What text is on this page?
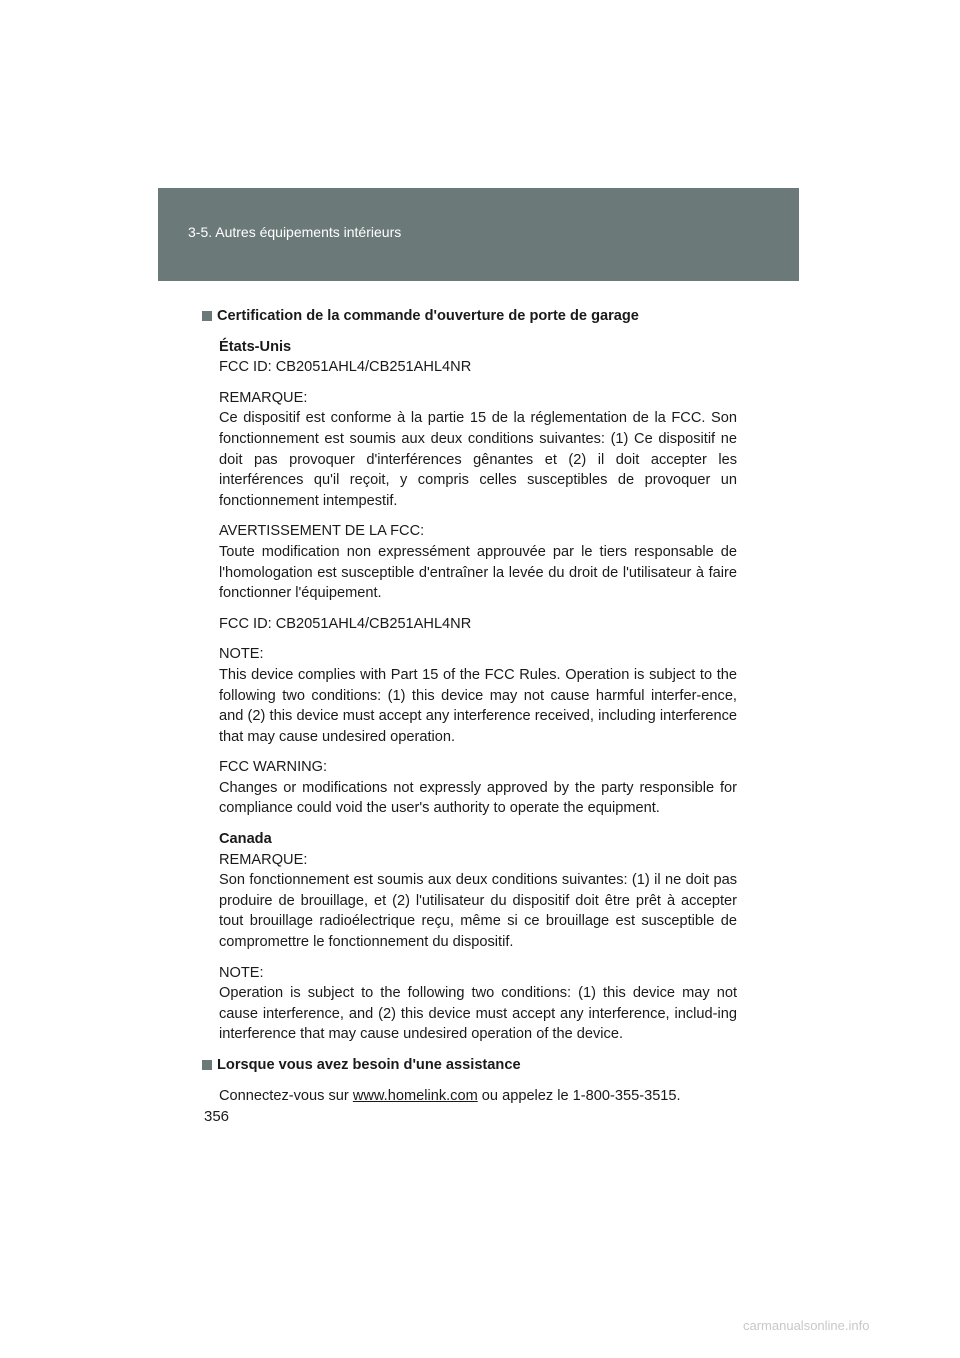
3-5. Autres équipements intérieurs
Certification de la commande d'ouverture de porte de garage

États-Unis
FCC ID: CB2051AHL4/CB251AHL4NR

REMARQUE:
Ce dispositif est conforme à la partie 15 de la réglementation de la FCC. Son fonctionnement est soumis aux deux conditions suivantes: (1) Ce dispositif ne doit pas provoquer d'interférences gênantes et (2) il doit accepter les interférences qu'il reçoit, y compris celles susceptibles de provoquer un fonctionnement intempestif.

AVERTISSEMENT DE LA FCC:
Toute modification non expressément approuvée par le tiers responsable de l'homologation est susceptible d'entraîner la levée du droit de l'utilisateur à faire fonctionner l'équipement.

FCC ID: CB2051AHL4/CB251AHL4NR

NOTE:
This device complies with Part 15 of the FCC Rules. Operation is subject to the following two conditions: (1) this device may not cause harmful interfer-ence, and (2) this device must accept any interference received, including interference that may cause undesired operation.

FCC WARNING:
Changes or modifications not expressly approved by the party responsible for compliance could void the user's authority to operate the equipment.

Canada
REMARQUE:
Son fonctionnement est soumis aux deux conditions suivantes: (1) il ne doit pas produire de brouillage, et (2) l'utilisateur du dispositif doit être prêt à accepter tout brouillage radioélectrique reçu, même si ce brouillage est susceptible de compromettre le fonctionnement du dispositif.

NOTE:
Operation is subject to the following two conditions: (1) this device may not cause interference, and (2) this device must accept any interference, includ-ing interference that may cause undesired operation of the device.

Lorsque vous avez besoin d'une assistance

Connectez-vous sur www.homelink.com ou appelez le 1-800-355-3515.

356
carmanualsonline.info
